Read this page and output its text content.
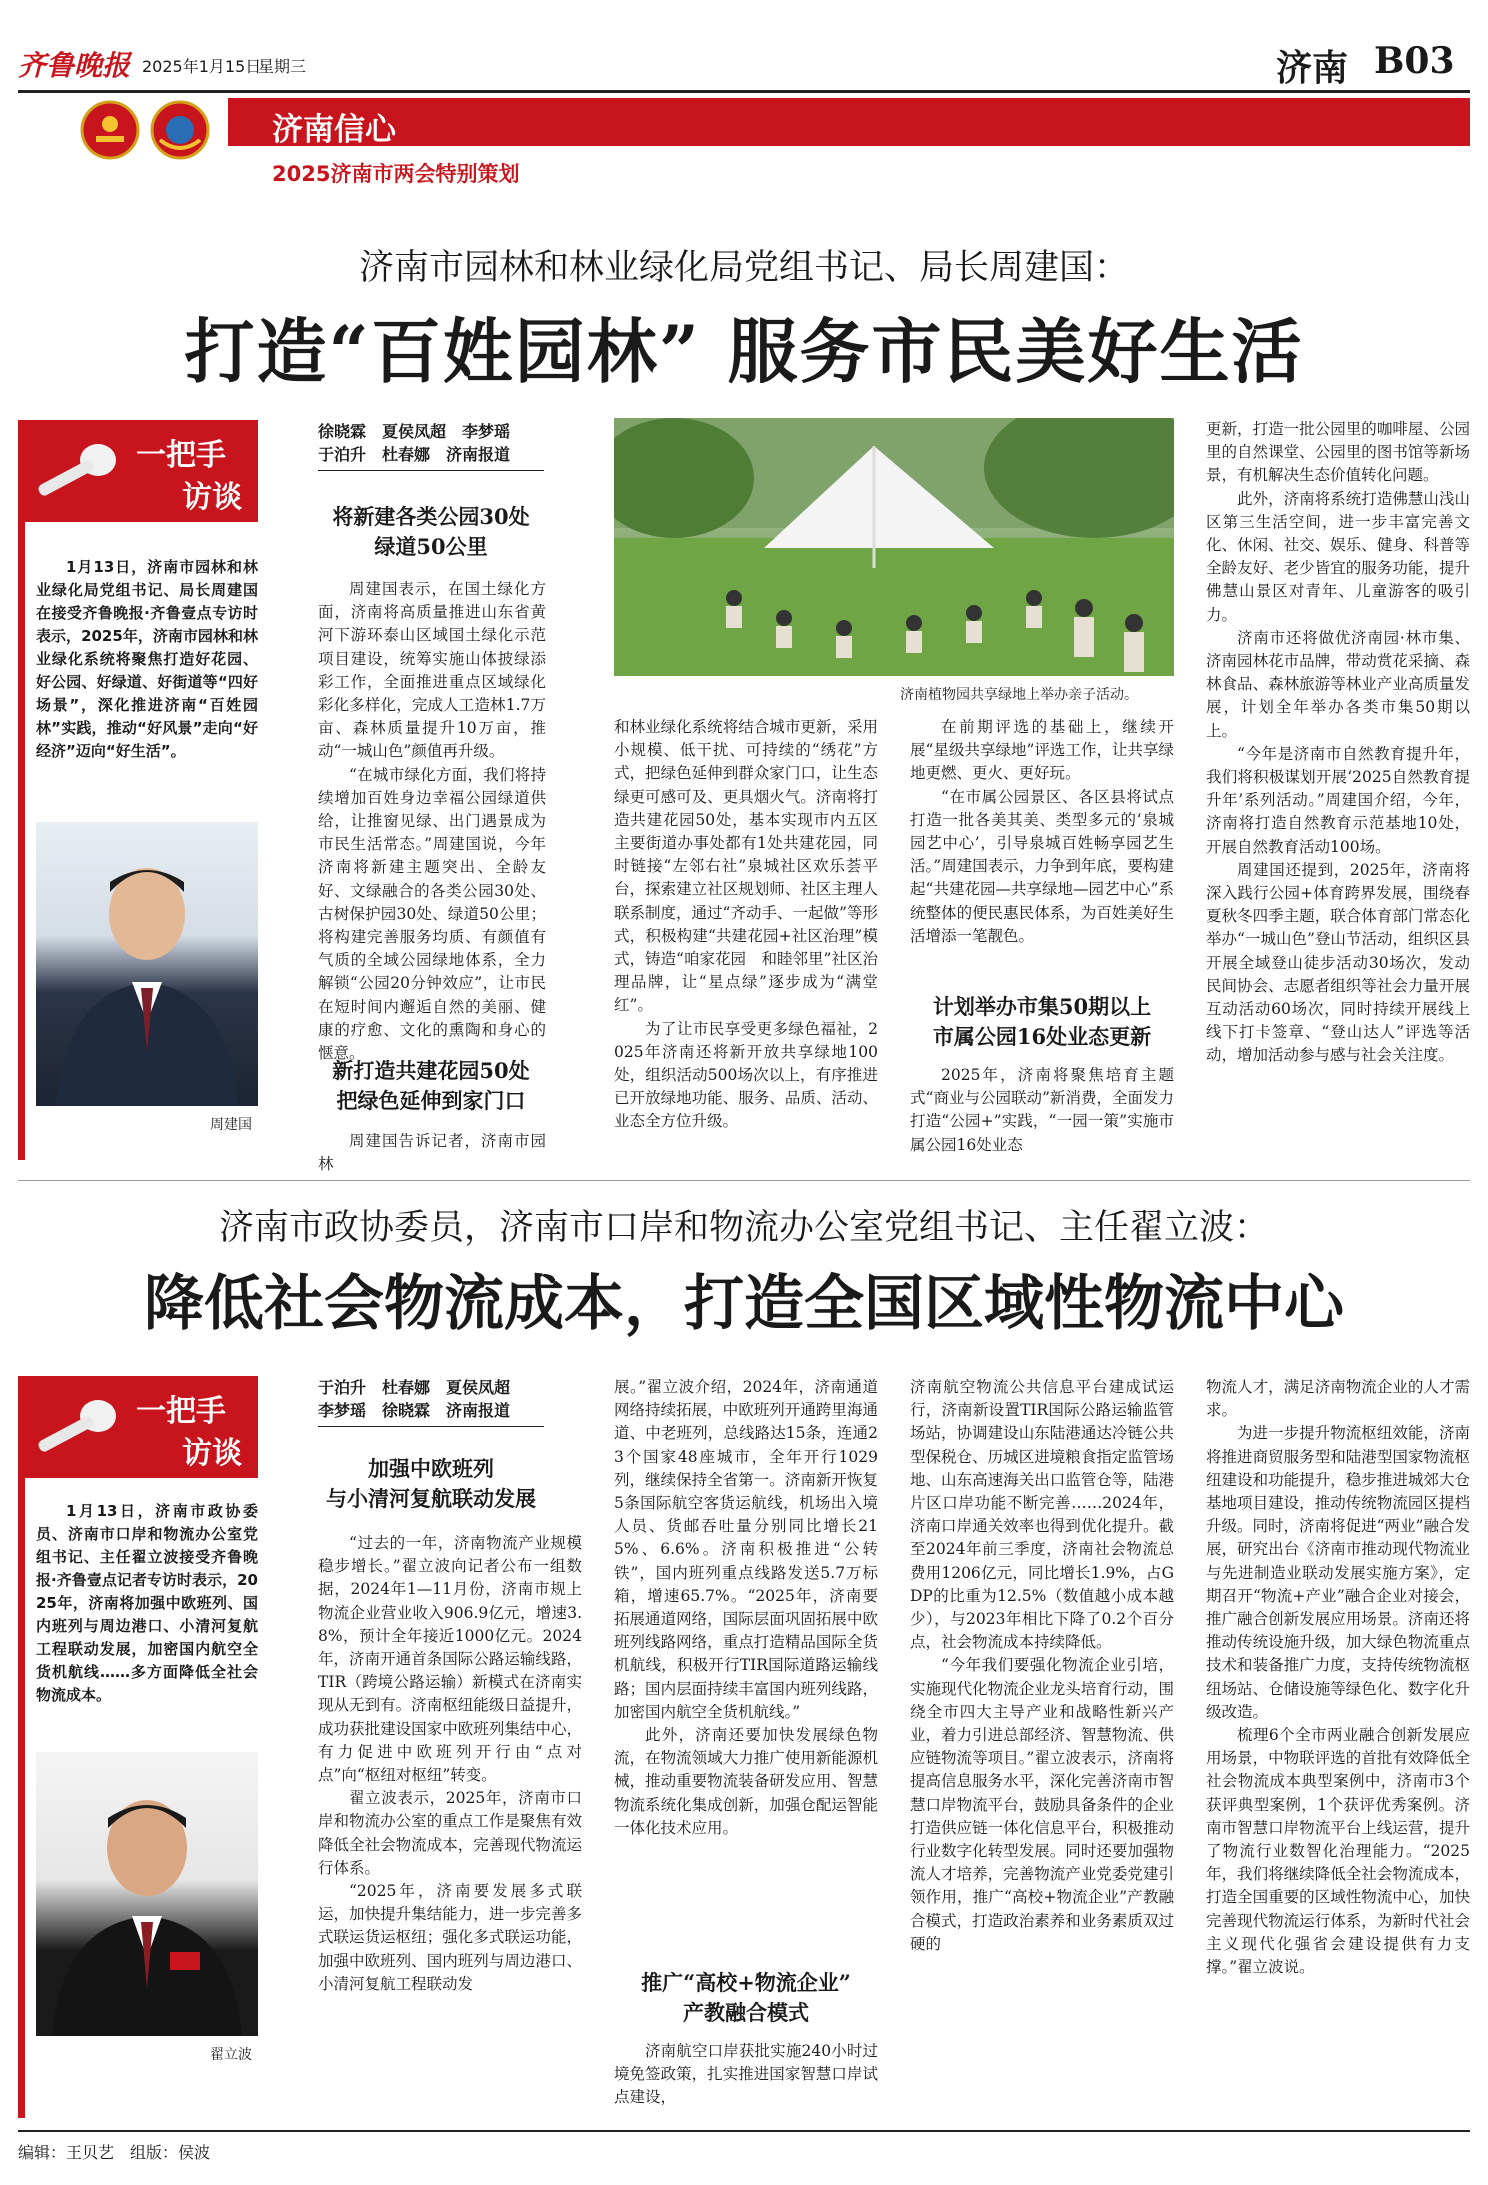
齐鲁晚报 2025年1月15日
星期三	济南 B03
济南信心
2025济南市两会特别策划
济南市园林和林业绿化局党组书记、局长周建国：
打造“百姓园林” 服务市民美好生活
一把手
访谈

1月13日，济南市园林和林业绿化局党组书记、局长周建国在接受齐鲁晚报·齐鲁壹点专访时表示，2025年，济南市园林和林业绿化系统将聚焦打造好花园、好公园、好绿道、好街道等“四好场景”，深化推进济南“百姓园林”实践，推动“好风景”走向“好经济”迈向“好生活”。

周建国
徐晓霖　夏侯凤超　李梦瑶
于泊升　杜春娜　济南报道
将新建各类公园30处
绿道50公里

周建国表示，在国土绿化方面，济南将高质量推进山东省黄河下游环泰山区域国土绿化示范项目建设，统筹实施山体披绿添彩工作，全面推进重点区域绿化彩化多样化，完成人工造林1.7万亩、森林质量提升10万亩，推动“一城山色”颜值再升级。

“在城市绿化方面，我们将持续增加百姓身边幸福公园绿道供给，让推窗见绿、出门遇景成为市民生活常态。”周建国说，今年济南将新建主题突出、全龄友好、文绿融合的各类公园30处、古树保护园30处、绿道50公里；将构建完善服务均质、有颜值有气质的全域公园绿地体系，全力解锁“公园20分钟效应”，让市民在短时间内邂逅自然的美丽、健康的疗愈、文化的熏陶和身心的惬意。

新打造共建花园50处
把绿色延伸到家门口

周建国告诉记者，济南市园林

济南植物园共享绿地上举办亲子活动。

和林业绿化系统将结合城市更新，采用小规模、低干扰、可持续的“绣花”方式，把绿色延伸到群众家门口，让生态绿更可感可及、更具烟火气。济南将打造共建花园50处，基本实现市内五区主要街道办事处都有1处共建花园，同时链接“左邻右社”泉城社区欢乐荟平台，探索建立社区规划师、社区主理人联系制度，通过“齐动手、一起做”等形式，积极构建“共建花园+社区治理”模式，铸造“咱家花园　和睦邻里”社区治理品牌，让“星点绿”逐步成为“满堂红”。

为了让市民享受更多绿色福祉，2025年济南还将新开放共享绿地100处，组织活动500场次以上，有序推进已开放绿地功能、服务、品质、活动、业态全方位升级。

在前期评选的基础上，继续开展“星级共享绿地”评选工作，让共享绿地更燃、更火、更好玩。

“在市属公园景区、各区县将试点打造一批各美其美、类型多元的‘泉城园艺中心’，引导泉城百姓畅享园艺生活。”周建国表示，力争到年底，要构建起“共建花园—共享绿地—园艺中心”系统整体的便民惠民体系，为百姓美好生活增添一笔靓色。

计划举办市集50期以上
市属公园16处业态更新

2025年，济南将聚焦培育主题式“商业与公园联动”新消费，全面发力打造“公园+”实践，“一园一策”实施市属公园16处业态

更新，打造一批公园里的咖啡屋、公园里的自然课堂、公园里的图书馆等新场景，有机解决生态价值转化问题。

此外，济南将系统打造佛慧山浅山区第三生活空间，进一步丰富完善文化、休闲、社交、娱乐、健身、科普等全龄友好、老少皆宜的服务功能，提升佛慧山景区对青年、儿童游客的吸引力。

济南市还将做优济南园·林市集、济南园林花市品牌，带动赏花采摘、森林食品、森林旅游等林业产业高质量发展，计划全年举办各类市集50期以上。

“今年是济南市自然教育提升年，我们将积极谋划开展‘2025自然教育提升年’系列活动。”周建国介绍，今年，济南将打造自然教育示范基地10处，开展自然教育活动100场。

周建国还提到，2025年，济南将深入践行公园+体育跨界发展，围绕春夏秋冬四季主题，联合体育部门常态化举办“一城山色”登山节活动，组织区县开展全域登山徒步活动30场次，发动民间协会、志愿者组织等社会力量开展互动活动60场次，同时持续开展线上线下打卡签章、“登山达人”评选等活动，增加活动参与感与社会关注度。

济南市政协委员，济南市口岸和物流办公室党组书记、主任翟立波：
降低社会物流成本，打造全国区域性物流中心
一把手
访谈

1月13日，济南市政协委员、济南市口岸和物流办公室党组书记、主任翟立波接受齐鲁晚报·齐鲁壹点记者专访时表示，2025年，济南将加强中欧班列、国内班列与周边港口、小清河复航工程联动发展，加密国内航空全货机航线……多方面降低全社会物流成本。

翟立波
于泊升　杜春娜　夏侯凤超
李梦瑶　徐晓霖　济南报道
加强中欧班列
与小清河复航联动发展

“过去的一年，济南物流产业规模稳步增长。”翟立波向记者公布一组数据，2024年1—11月份，济南市规上物流企业营业收入906.9亿元，增速3.8%，预计全年接近1000亿元。2024年，济南开通首条国际公路运输线路，TIR（跨境公路运输）新模式在济南实现从无到有。济南枢纽能级日益提升，成功获批建设国家中欧班列集结中心，有力促进中欧班列开行由“点对点”向“枢纽对枢纽”转变。

翟立波表示，2025年，济南市口岸和物流办公室的重点工作是聚焦有效降低全社会物流成本，完善现代物流运行体系。

“2025年，济南要发展多式联运，加快提升集结能力，进一步完善多式联运货运枢纽；强化多式联运功能，加强中欧班列、国内班列与周边港口、小清河复航工程联动发

展。”翟立波介绍，2024年，济南通道网络持续拓展，中欧班列开通跨里海通道、中老班列，总线路达15条，连通23个国家48座城市，全年开行1029列，继续保持全省第一。济南新开恢复5条国际航空客货运航线，机场出入境人员、货邮吞吐量分别同比增长215%、6.6%。济南积极推进“公转铁”，国内班列重点线路发送5.7万标箱，增速65.7%。“2025年，济南要拓展通道网络，国际层面巩固拓展中欧班列线路网络，重点打造精品国际全货机航线，积极开行TIR国际道路运输线路；国内层面持续丰富国内班列线路，加密国内航空全货机航线。”

此外，济南还要加快发展绿色物流，在物流领域大力推广使用新能源机械，推动重要物流装备研发应用、智慧物流系统化集成创新，加强仓配运智能一体化技术应用。

推广“高校+物流企业”
产教融合模式

济南航空口岸获批实施240小时过境免签政策，扎实推进国家智慧口岸试点建设，

济南航空物流公共信息平台建成试运行，济南新设置TIR国际公路运输监管场站，协调建设山东陆港通达冷链公共型保税仓、历城区进境粮食指定监管场地、山东高速海关出口监管仓等，陆港片区口岸功能不断完善……2024年，济南口岸通关效率也得到优化提升。截至2024年前三季度，济南社会物流总费用1206亿元，同比增长1.9%，占GDP的比重为12.5%（数值越小成本越少），与2023年相比下降了0.2个百分点，社会物流成本持续降低。

“今年我们要强化物流企业引培，实施现代化物流企业龙头培育行动，围绕全市四大主导产业和战略性新兴产业，着力引进总部经济、智慧物流、供应链物流等项目。”翟立波表示，济南将提高信息服务水平，深化完善济南市智慧口岸物流平台，鼓励具备条件的企业打造供应链一体化信息平台，积极推动行业数字化转型发展。同时还要加强物流人才培养，完善物流产业党委党建引领作用，推广“高校+物流企业”产教融合模式，打造政治素养和业务素质双过硬的

物流人才，满足济南物流企业的人才需求。

为进一步提升物流枢纽效能，济南将推进商贸服务型和陆港型国家物流枢纽建设和功能提升，稳步推进城郊大仓基地项目建设，推动传统物流园区提档升级。同时，济南将促进“两业”融合发展，研究出台《济南市推动现代物流业与先进制造业联动发展实施方案》，定期召开“物流+产业”融合企业对接会，推广融合创新发展应用场景。济南还将推动传统设施升级，加大绿色物流重点技术和装备推广力度，支持传统物流枢纽场站、仓储设施等绿色化、数字化升级改造。

梳理6个全市两业融合创新发展应用场景，中物联评选的首批有效降低全社会物流成本典型案例中，济南市3个获评典型案例，1个获评优秀案例。济南市智慧口岸物流平台上线运营，提升了物流行业数智化治理能力。“2025年，我们将继续降低全社会物流成本，打造全国重要的区域性物流中心，加快完善现代物流运行体系，为新时代社会主义现代化强省会建设提供有力支撑。”翟立波说。

编辑：王贝艺　组版：侯波
